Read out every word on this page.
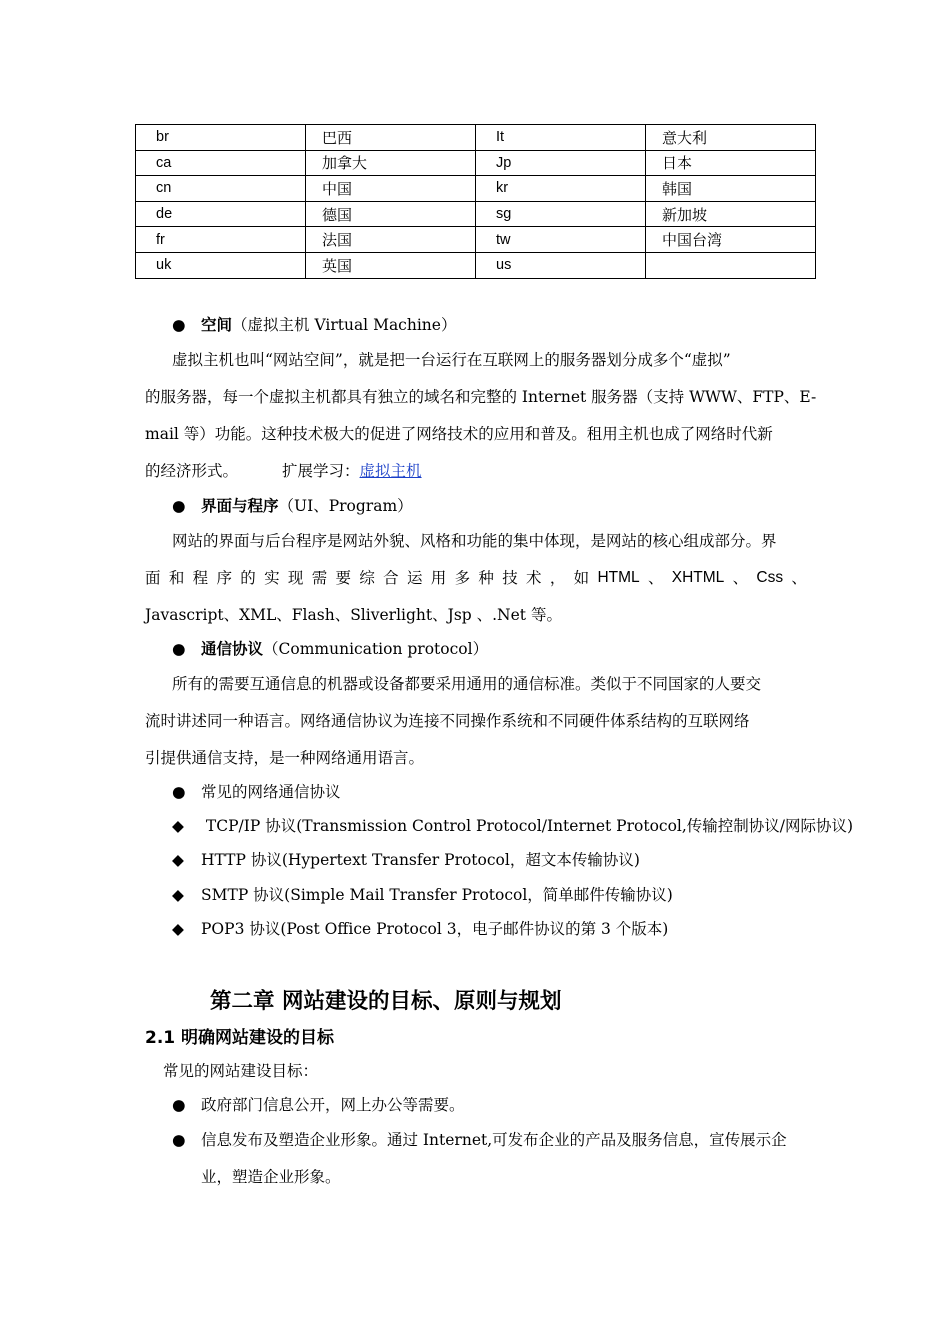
br	巴西	It	意大利
ca	加拿大	Jp	日本
cn	中国	kr	韩国
de	德国	sg	新加坡
fr	法国	tw	中国台湾
uk	英国	us	
● 空间（虚拟主机 Virtual Machine）
虚拟主机也叫“网站空间”，就是把一台运行在互联网上的服务器划分成多个“虚拟”
的服务器，每一个虚拟主机都具有独立的域名和完整的 Internet 服务器（支持 WWW、FTP、E-
mail 等）功能。这种技术极大的促进了网络技术的应用和普及。租用主机也成了网络时代新
的经济形式。	扩展学习：虚拟主机
● 界面与程序（UI、Program）
网站的界面与后台程序是网站外貌、风格和功能的集中体现，是网站的核心组成部分。界
面 和 程 序 的 实 现 需 要 综 合 运 用 多 种 技 术 ， 如 HTML 、 XHTML 、 Css 、
Javascript、XML、Flash、Sliverlight、Jsp 、.Net 等。
● 通信协议（Communication protocol）
所有的需要互通信息的机器或设备都要采用通用的通信标准。类似于不同国家的人要交
流时讲述同一种语言。网络通信协议为连接不同操作系统和不同硬件体系结构的互联网络
引提供通信支持，是一种网络通用语言。
● 常见的网络通信协议
◆ TCP/IP 协议(Transmission Control Protocol/Internet Protocol,传输控制协议/网际协议)
◆ HTTP 协议(Hypertext Transfer Protocol，超文本传输协议)
◆ SMTP 协议(Simple Mail Transfer Protocol，简单邮件传输协议)
◆ POP3 协议(Post Office Protocol 3，电子邮件协议的第 3 个版本)
第二章 网站建设的目标、原则与规划
2.1 明确网站建设的目标
常见的网站建设目标：
● 政府部门信息公开，网上办公等需要。
● 信息发布及塑造企业形象。通过 Internet,可发布企业的产品及服务信息，宣传展示企
业，塑造企业形象。
